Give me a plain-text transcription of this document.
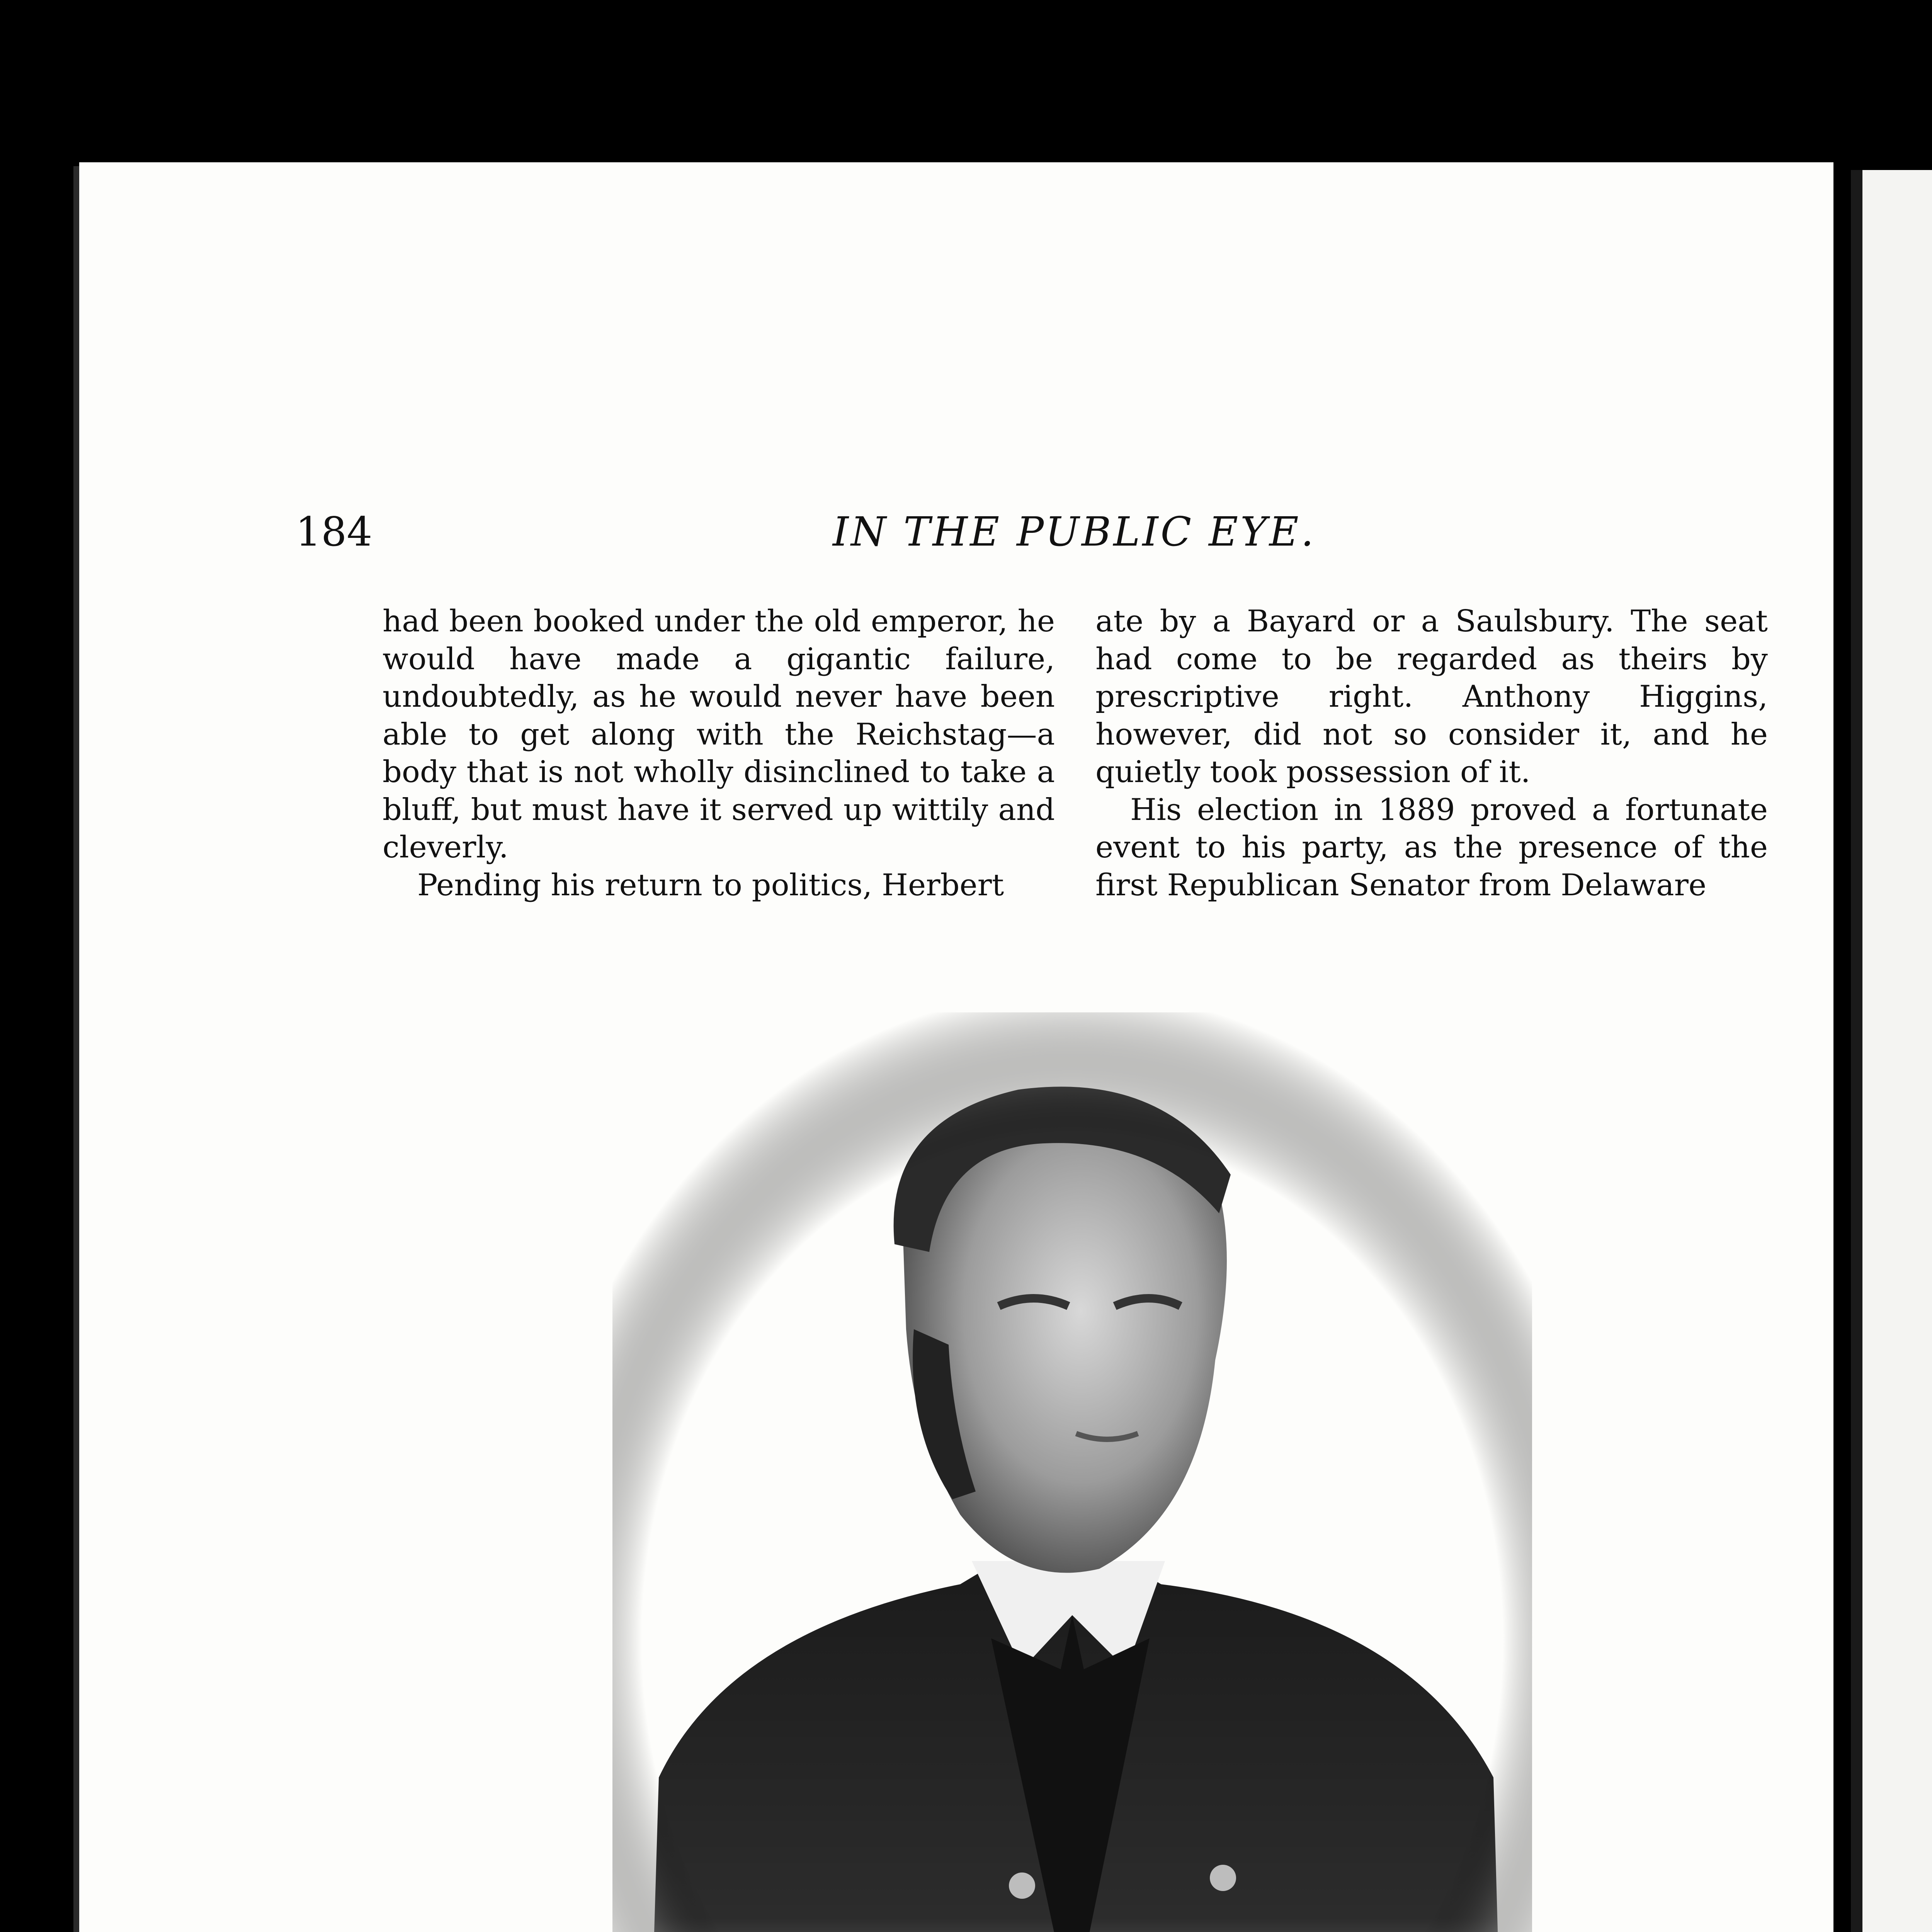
184	IN THE PUBLIC EYE.

had been booked under the old emperor, he would have made a gigantic failure, undoubtedly, as he would never have been able to get along with the Reichstag—a body that is not wholly disinclined to take a bluff, but must have it served up wittily and cleverly.

Pending his return to politics, Herbert

ate by a Bayard or a Saulsbury. The seat had come to be regarded as theirs by prescriptive right. Anthony Higgins, however, did not so consider it, and he quietly took possession of it.

His election in 1889 proved a fortunate event to his party, as the presence of the first Republican Senator from Delaware
